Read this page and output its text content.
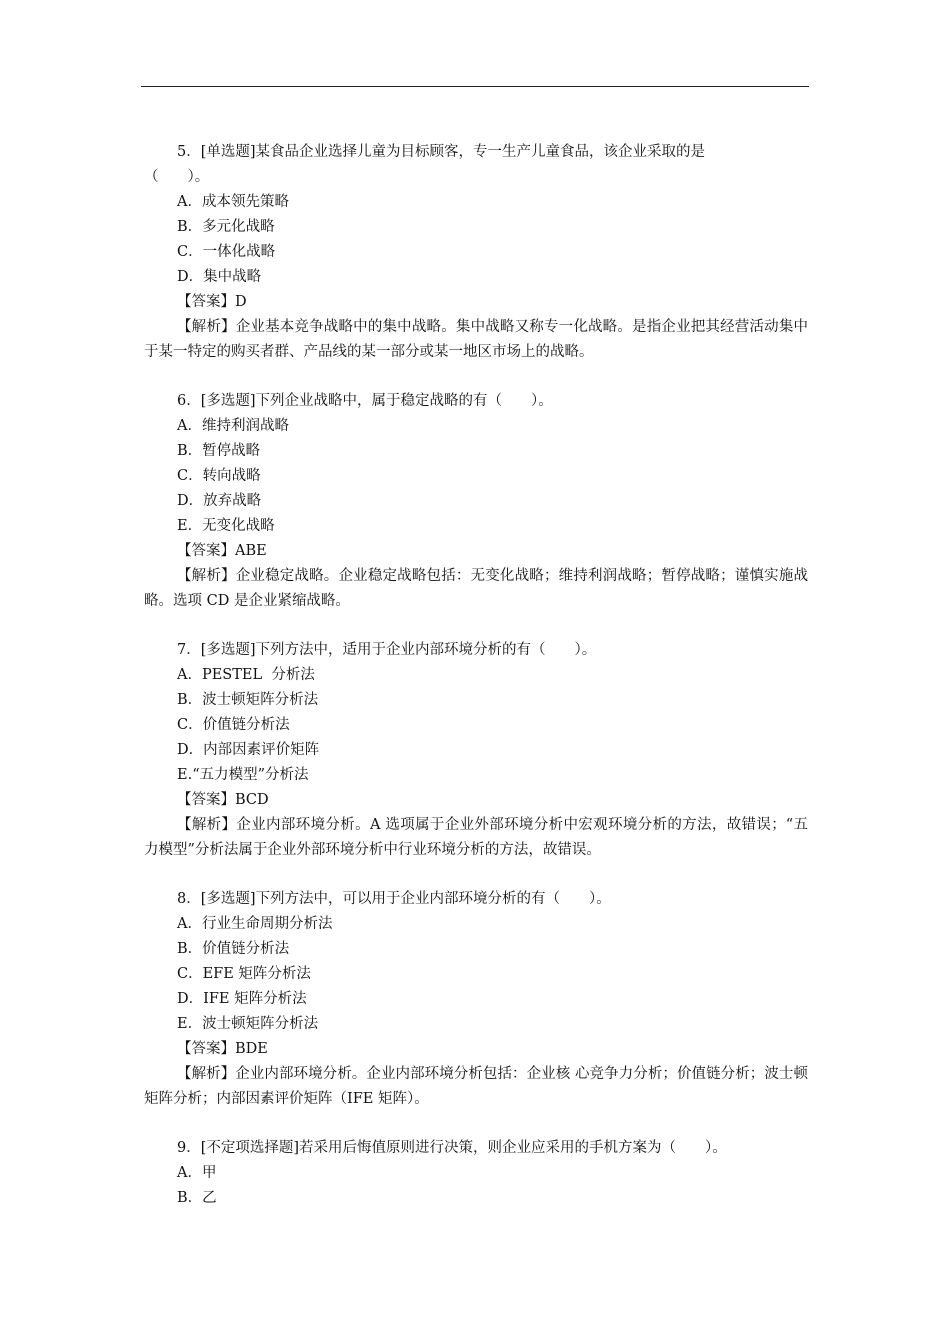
5．[单选题]某食品企业选择儿童为目标顾客，专一生产儿童食品，该企业采取的是
（　　）。
A．成本领先策略
B．多元化战略
C．一体化战略
D．集中战略
【答案】D
【解析】企业基本竞争战略中的集中战略。集中战略又称专一化战略。是指企业把其经营活动集中于某一特定的购买者群、产品线的某一部分或某一地区市场上的战略。
6．[多选题]下列企业战略中，属于稳定战略的有（　　）。
A．维持利润战略
B．暂停战略
C．转向战略
D．放弃战略
E．无变化战略
【答案】ABE
【解析】企业稳定战略。企业稳定战略包括：无变化战略；维持利润战略；暂停战略；谨慎实施战略。选项 CD 是企业紧缩战略。
7．[多选题]下列方法中，适用于企业内部环境分析的有（　　）。
A．PESTEL  分析法
B．波士顿矩阵分析法
C．价值链分析法
D．内部因素评价矩阵
E.“五力模型”分析法
【答案】BCD
【解析】企业内部环境分析。A 选项属于企业外部环境分析中宏观环境分析的方法，故错误；“五力模型”分析法属于企业外部环境分析中行业环境分析的方法，故错误。
8．[多选题]下列方法中，可以用于企业内部环境分析的有（　　）。
A．行业生命周期分析法
B．价值链分析法
C．EFE 矩阵分析法
D．IFE 矩阵分析法
E．波士顿矩阵分析法
【答案】BDE
【解析】企业内部环境分析。企业内部环境分析包括：企业核 心竞争力分析；价值链分析；波士顿矩阵分析；内部因素评价矩阵（IFE 矩阵）。
9．[不定项选择题]若采用后悔值原则进行决策，则企业应采用的手机方案为（　　）。
A．甲
B．乙
